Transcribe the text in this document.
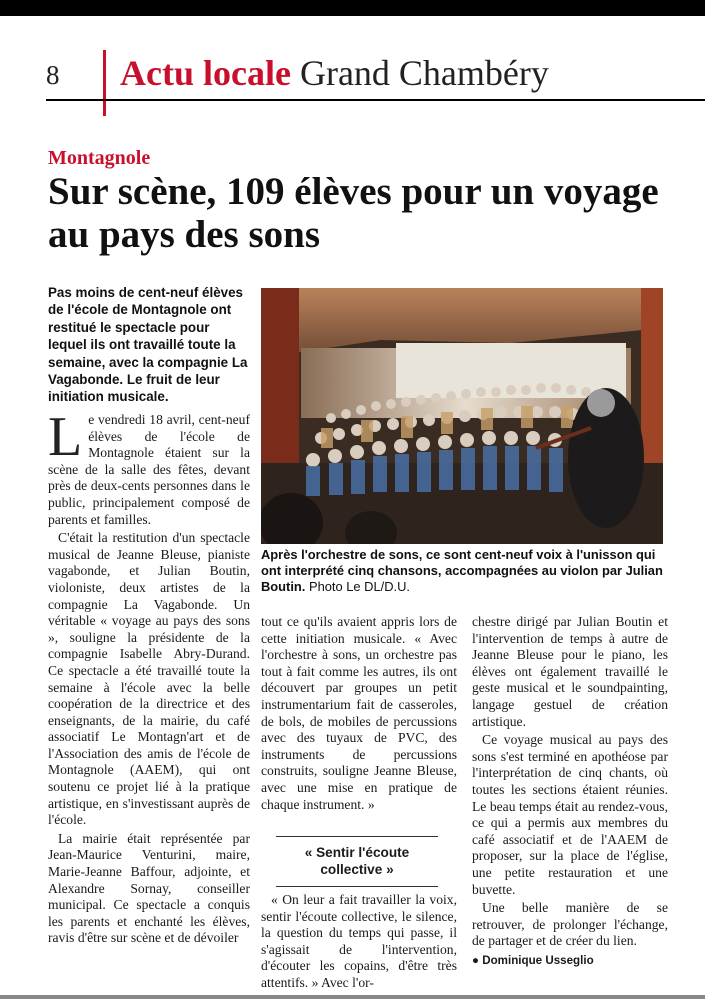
8 Actu locale Grand Chambéry
Montagnole
Sur scène, 109 élèves pour un voyage au pays des sons
Pas moins de cent-neuf élèves de l'école de Montagnole ont restitué le spectacle pour lequel ils ont travaillé toute la semaine, avec la compagnie La Vagabonde. Le fruit de leur initiation musicale.
Après l'orchestre de sons, ce sont cent-neuf voix à l'unisson qui ont interprété cinq chansons, accompagnées au violon par Julian Boutin. Photo Le DL/D.U.

Le vendredi 18 avril, cent-neuf élèves de l'école de Montagnole étaient sur la scène de la salle des fêtes, devant près de deux-cents personnes dans le public, principalement composé de parents et familles.

C'était la restitution d'un spectacle musical de Jeanne Bleuse, pianiste vagabonde, et Julian Boutin, violoniste, deux artistes de la compagnie La Vagabonde. Un véritable « voyage au pays des sons », souligne la présidente de la compagnie Isabelle Abry-Durand. Ce spectacle a été travaillé toute la semaine à l'école avec la belle coopération de la directrice et des enseignants, de la mairie, du café associatif Le Montagn'art et de l'Association des amis de l'école de Montagnole (AAEM), qui ont soutenu ce projet lié à la pratique artistique, en s'investissant auprès de l'école.

La mairie était représentée par Jean-Maurice Venturini, maire, Marie-Jeanne Baffour, adjointe, et Alexandre Sornay, conseiller municipal. Ce spectacle a conquis les parents et enchanté les élèves, ravis d'être sur scène et de dévoiler

tout ce qu'ils avaient appris lors de cette initiation musicale. « Avec l'orchestre à sons, un orchestre pas tout à fait comme les autres, ils ont découvert par groupes un petit instrumentarium fait de casseroles, de bols, de mobiles de percussions avec des tuyaux de PVC, des instruments de percussions construits, souligne Jeanne Bleuse, avec une mise en pratique de chaque instrument. »

« Sentir l'écoute collective »

« On leur a fait travailler la voix, sentir l'écoute collective, le silence, la question du temps qui passe, il s'agissait de l'intervention, d'écouter les copains, d'être très attentifs. » Avec l'or-

chestre dirigé par Julian Boutin et l'intervention de temps à autre de Jeanne Bleuse pour le piano, les élèves ont également travaillé le geste musical et le soundpainting, langage gestuel de création artistique.

Ce voyage musical au pays des sons s'est terminé en apothéose par l'interprétation de cinq chants, où toutes les sections étaient réunies. Le beau temps était au rendez-vous, ce qui a permis aux membres du café associatif et de l'AAEM de proposer, sur la place de l'église, une petite restauration et une buvette.

Une belle manière de se retrouver, de prolonger l'échange, de partager et de créer du lien.

● Dominique Usseglio
